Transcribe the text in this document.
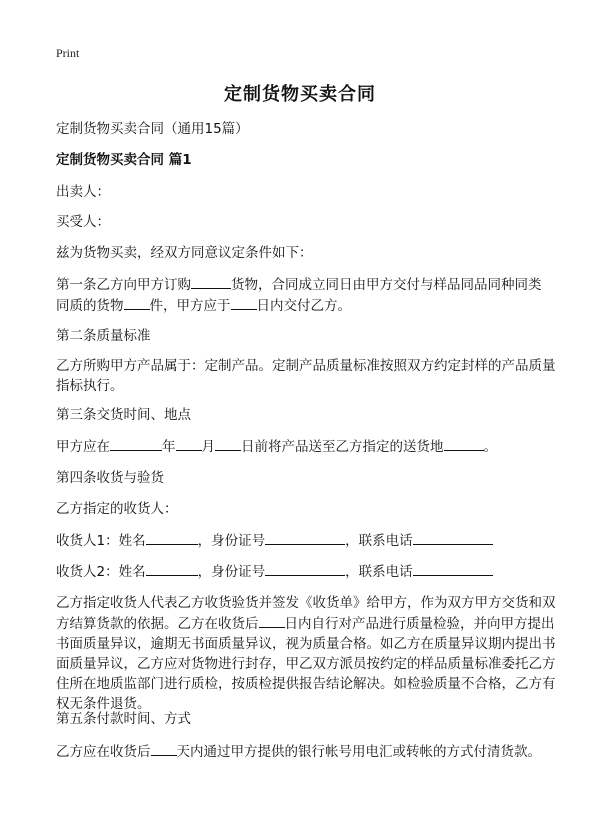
Print
定制货物买卖合同

定制货物买卖合同（通用15篇）

定制货物买卖合同 篇1

出卖人：

买受人：

兹为货物买卖，经双方同意议定条件如下：

第一条乙方向甲方订购	货物，合同成立同日由甲方交付与样品同品同种同类
同质的货物 件，甲方应于 日内交付乙方。

第二条质量标准

乙方所购甲方产品属于：定制产品。定制产品质量标准按照双方约定封样的产品质量指标执行。

第三条交货时间、地点

甲方应在	年 月 日前将产品送至乙方指定的送货地	。

第四条收货与验货

乙方指定的收货人：

收货人1：姓名	，身份证号	，联系电话

收货人2：姓名	，身份证号	，联系电话

乙方指定收货人代表乙方收货验货并签发《收货单》给甲方，作为双方甲方交货和双方结算货款的依据。乙方在收货后 日内自行对产品进行质量检验，并向甲方提出书面质量异议，逾期无书面质量异议，视为质量合格。如乙方在质量异议期内提出书面质量异议，乙方应对货物进行封存，甲乙双方派员按约定的样品质量标准委托乙方住所在地质监部门进行质检，按质检提供报告结论解决。如检验质量不合格，乙方有权无条件退货。

第五条付款时间、方式

乙方应在收货后 天内通过甲方提供的银行帐号用电汇或转帐的方式付清货款。
